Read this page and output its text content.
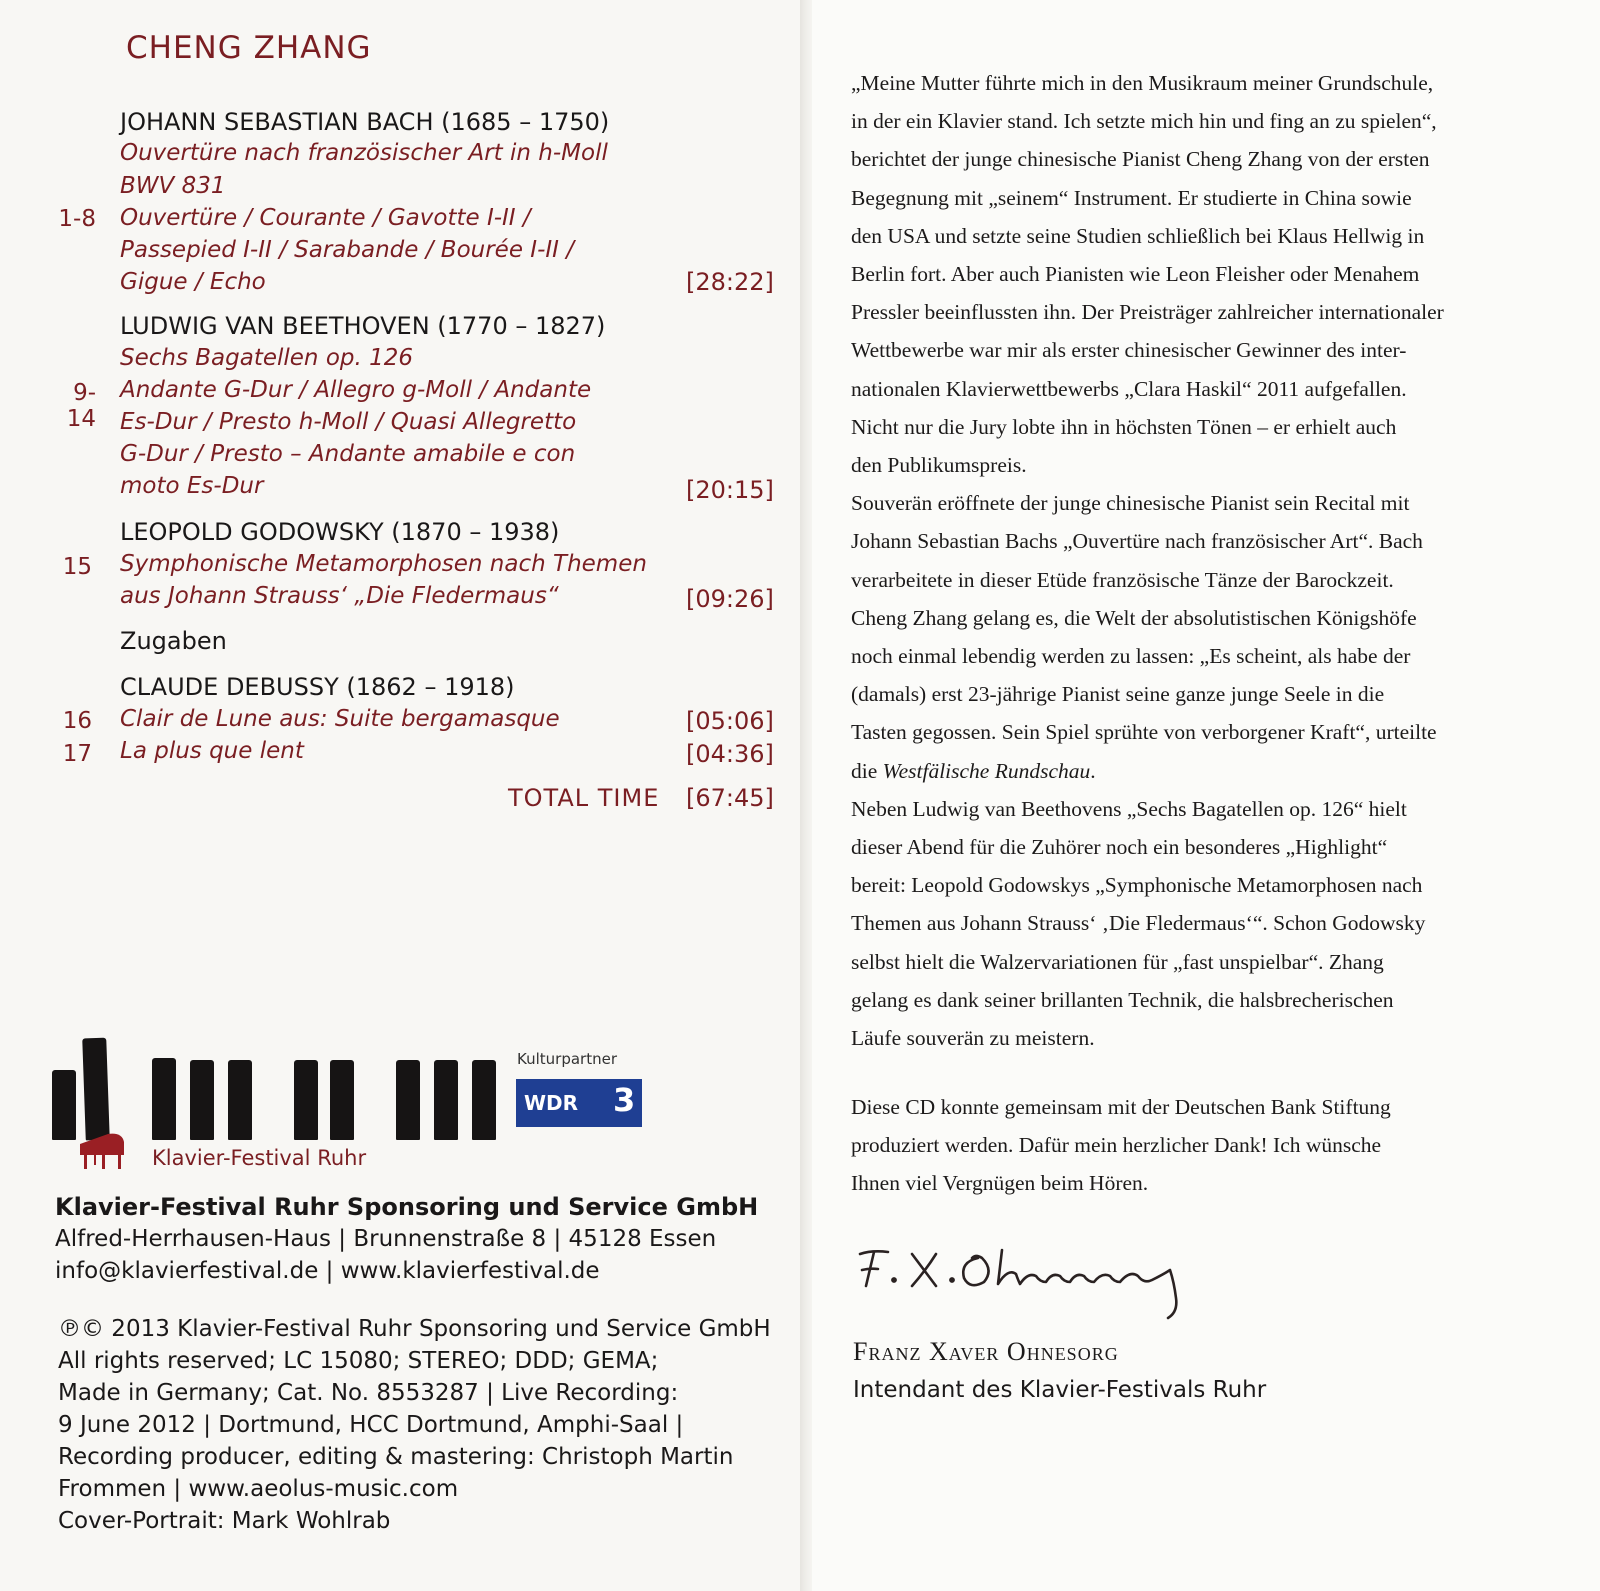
CHENG ZHANG
JOHANN SEBASTIAN BACH (1685 – 1750)
Ouvertüre nach französischer Art in h-Moll
BWV 831
1-8 Ouvertüre / Courante / Gavotte I-II /
Passepied I-II / Sarabande / Bourée I-II /
Gigue / Echo	[28:22]
LUDWIG VAN BEETHOVEN (1770 – 1827)
Sechs Bagatellen op. 126
9-14
Andante G-Dur / Allegro g-Moll / Andante
Es-Dur / Presto h-Moll / Quasi Allegretto
G-Dur / Presto – Andante amabile e con
moto Es-Dur	[20:15]
LEOPOLD GODOWSKY (1870 – 1938)
15 Symphonische Metamorphosen nach Themen
aus Johann Strauss‘ „Die Fledermaus“	[09:26]
Zugaben
CLAUDE DEBUSSY (1862 – 1918)
16 Clair de Lune aus: Suite bergamasque	[05:06]
17 La plus que lent	[04:36]
TOTAL TIME [67:45]
Klavier-Festival Ruhr
Kulturpartner
WDR 3
Klavier-Festival Ruhr Sponsoring und Service GmbH
Alfred-Herrhausen-Haus | Brunnenstraße 8 | 45128 Essen
info@klavierfestival.de | www.klavierfestival.de
℗© 2013 Klavier-Festival Ruhr Sponsoring und Service GmbH
All rights reserved; LC 15080; STEREO; DDD; GEMA;
Made in Germany; Cat. No. 8553287 | Live Recording:
9 June 2012 | Dortmund, HCC Dortmund, Amphi-Saal |
Recording producer, editing & mastering: Christoph Martin
Frommen | www.aeolus-music.com
Cover-Portrait: Mark Wohlrab
„Meine Mutter führte mich in den Musikraum meiner Grundschule,
in der ein Klavier stand. Ich setzte mich hin und fing an zu spielen“,
berichtet der junge chinesische Pianist Cheng Zhang von der ersten
Begegnung mit „seinem“ Instrument. Er studierte in China sowie
den USA und setzte seine Studien schließlich bei Klaus Hellwig in
Berlin fort. Aber auch Pianisten wie Leon Fleisher oder Menahem
Pressler beeinflussten ihn. Der Preisträger zahlreicher internationaler
Wettbewerbe war mir als erster chinesischer Gewinner des inter-
nationalen Klavierwettbewerbs „Clara Haskil“ 2011 aufgefallen.
Nicht nur die Jury lobte ihn in höchsten Tönen – er erhielt auch
den Publikumspreis.
Souverän eröffnete der junge chinesische Pianist sein Recital mit
Johann Sebastian Bachs „Ouvertüre nach französischer Art“. Bach
verarbeitete in dieser Etüde französische Tänze der Barockzeit.
Cheng Zhang gelang es, die Welt der absolutistischen Königshöfe
noch einmal lebendig werden zu lassen: „Es scheint, als habe der
(damals) erst 23-jährige Pianist seine ganze junge Seele in die
Tasten gegossen. Sein Spiel sprühte von verborgener Kraft“, urteilte
die Westfälische Rundschau.
Neben Ludwig van Beethovens „Sechs Bagatellen op. 126“ hielt
dieser Abend für die Zuhörer noch ein besonderes „Highlight“
bereit: Leopold Godowskys „Symphonische Metamorphosen nach
Themen aus Johann Strauss‘ ‚Die Fledermaus‘“. Schon Godowsky
selbst hielt die Walzervariationen für „fast unspielbar“. Zhang
gelang es dank seiner brillanten Technik, die halsbrecherischen
Läufe souverän zu meistern.
Diese CD konnte gemeinsam mit der Deutschen Bank Stiftung
produziert werden. Dafür mein herzlicher Dank! Ich wünsche
Ihnen viel Vergnügen beim Hören.
Franz Xaver Ohnesorg
Intendant des Klavier-Festivals Ruhr
